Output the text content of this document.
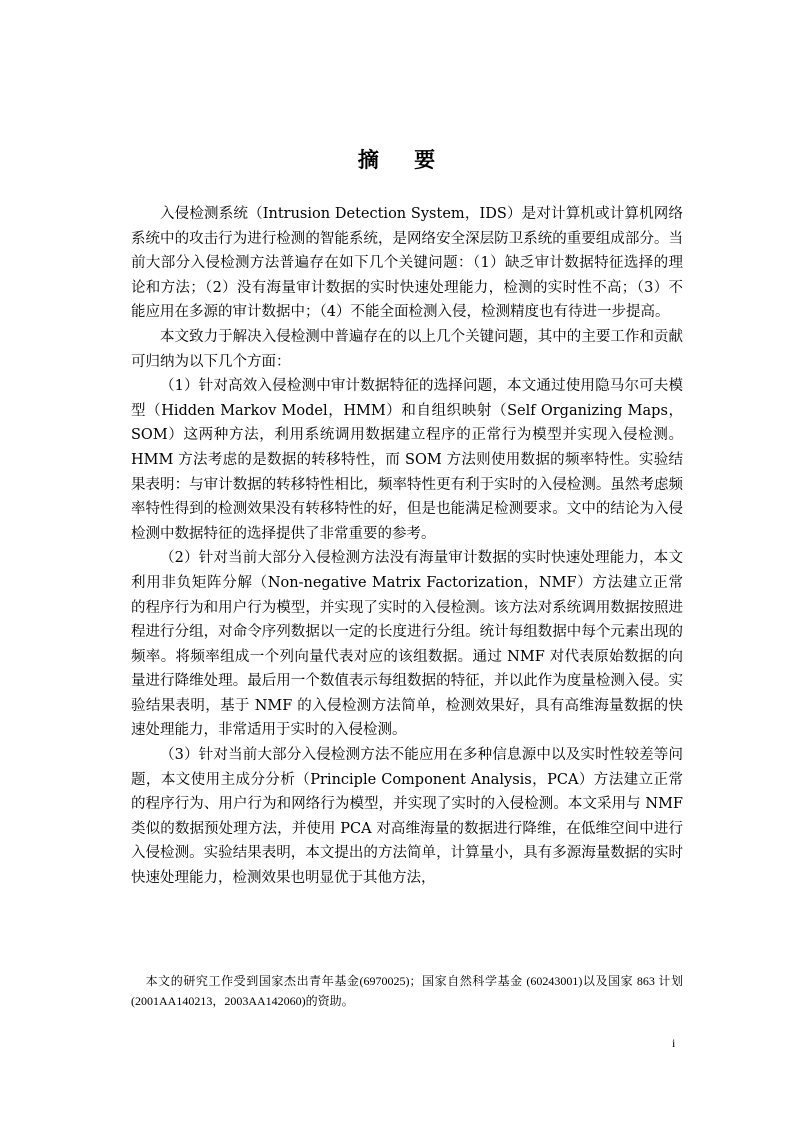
摘 要

入侵检测系统（Intrusion Detection System，IDS）是对计算机或计算机网络系统中的攻击行为进行检测的智能系统，是网络安全深层防卫系统的重要组成部分。当前大部分入侵检测方法普遍存在如下几个关键问题：（1）缺乏审计数据特征选择的理论和方法；（2）没有海量审计数据的实时快速处理能力，检测的实时性不高；（3）不能应用在多源的审计数据中；（4）不能全面检测入侵，检测精度也有待进一步提高。

本文致力于解决入侵检测中普遍存在的以上几个关键问题，其中的主要工作和贡献可归纳为以下几个方面：

（1）针对高效入侵检测中审计数据特征的选择问题，本文通过使用隐马尔可夫模型（Hidden Markov Model，HMM）和自组织映射（Self Organizing Maps，SOM）这两种方法，利用系统调用数据建立程序的正常行为模型并实现入侵检测。HMM 方法考虑的是数据的转移特性，而 SOM 方法则使用数据的频率特性。实验结果表明：与审计数据的转移特性相比，频率特性更有利于实时的入侵检测。虽然考虑频率特性得到的检测效果没有转移特性的好，但是也能满足检测要求。文中的结论为入侵检测中数据特征的选择提供了非常重要的参考。

（2）针对当前大部分入侵检测方法没有海量审计数据的实时快速处理能力，本文利用非负矩阵分解（Non-negative Matrix Factorization，NMF）方法建立正常的程序行为和用户行为模型，并实现了实时的入侵检测。该方法对系统调用数据按照进程进行分组，对命令序列数据以一定的长度进行分组。统计每组数据中每个元素出现的频率。将频率组成一个列向量代表对应的该组数据。通过 NMF 对代表原始数据的向量进行降维处理。最后用一个数值表示每组数据的特征，并以此作为度量检测入侵。实验结果表明，基于 NMF 的入侵检测方法简单，检测效果好，具有高维海量数据的快速处理能力，非常适用于实时的入侵检测。

（3）针对当前大部分入侵检测方法不能应用在多种信息源中以及实时性较差等问题，本文使用主成分分析（Principle Component Analysis，PCA）方法建立正常的程序行为、用户行为和网络行为模型，并实现了实时的入侵检测。本文采用与 NMF 类似的数据预处理方法，并使用 PCA 对高维海量的数据进行降维，在低维空间中进行入侵检测。实验结果表明，本文提出的方法简单，计算量小，具有多源海量数据的实时快速处理能力，检测效果也明显优于其他方法，

本文的研究工作受到国家杰出青年基金(6970025)；国家自然科学基金 (60243001)以及国家 863 计划(2001AA140213，2003AA142060)的资助。
i
